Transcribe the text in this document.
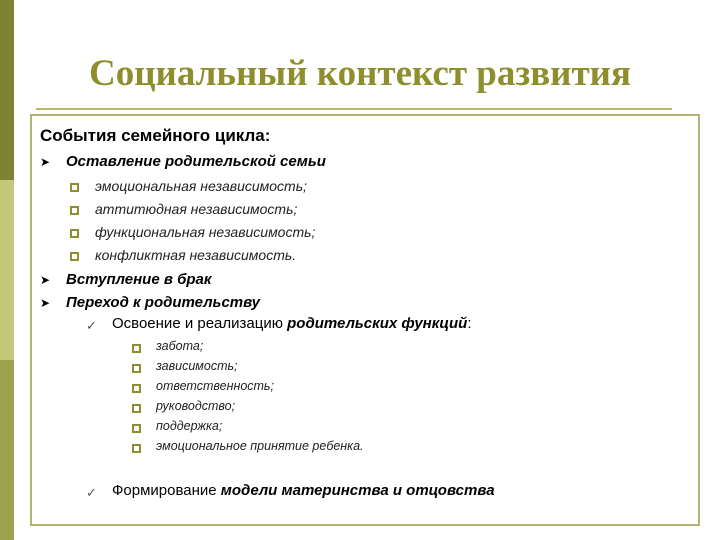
Социальный контекст развития
События семейного цикла:
➤ Оставление родительской семьи
эмоциональная независимость;
аттитюдная независимость;
функциональная независимость;
конфликтная независимость.
➤ Вступление в брак
➤ Переход к родительству
✓ Освоение и реализацию родительских функций:
забота;
зависимость;
ответственность;
руководство;
поддержка;
эмоциональное принятие ребенка.
✓ Формирование модели материнства и отцовства
